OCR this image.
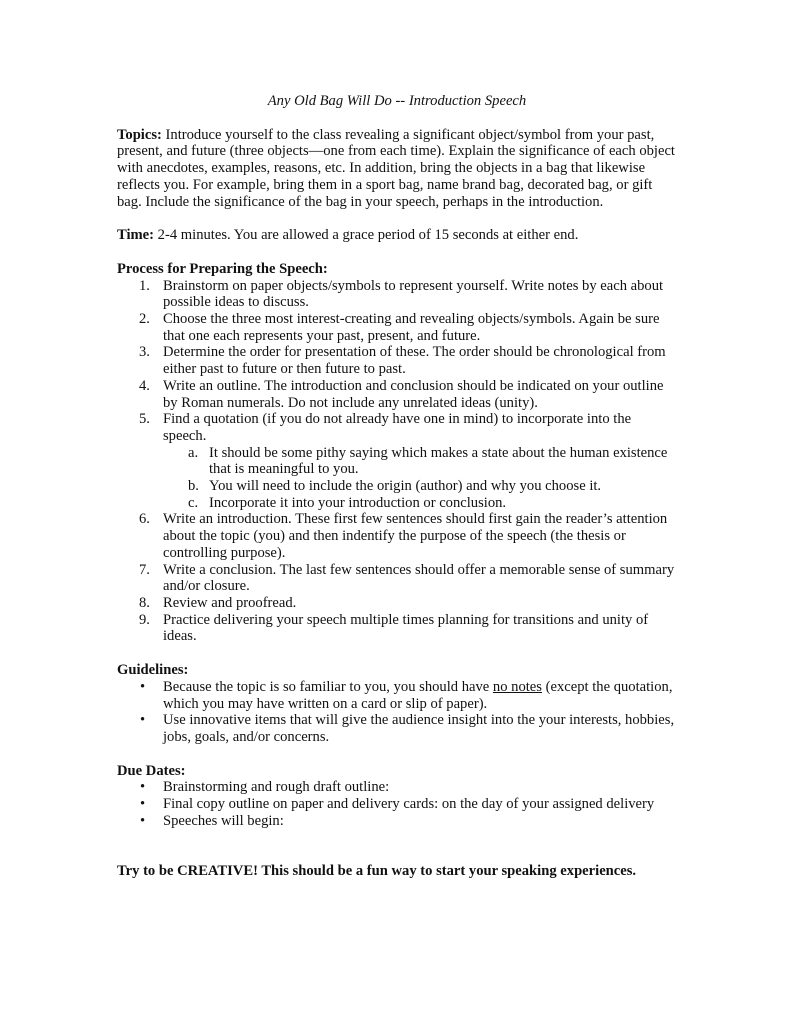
Any Old Bag Will Do -- Introduction Speech

Topics: Introduce yourself to the class revealing a significant object/symbol from your past, present, and future (three objects—one from each time). Explain the significance of each object with anecdotes, examples, reasons, etc. In addition, bring the objects in a bag that likewise reflects you. For example, bring them in a sport bag, name brand bag, decorated bag, or gift bag. Include the significance of the bag in your speech, perhaps in the introduction.

Time: 2-4 minutes. You are allowed a grace period of 15 seconds at either end.

Process for Preparing the Speech:

1. Brainstorm on paper objects/symbols to represent yourself. Write notes by each about possible ideas to discuss.
2. Choose the three most interest-creating and revealing objects/symbols. Again be sure that one each represents your past, present, and future.
3. Determine the order for presentation of these. The order should be chronological from either past to future or then future to past.
4. Write an outline. The introduction and conclusion should be indicated on your outline by Roman numerals. Do not include any unrelated ideas (unity).
5. Find a quotation (if you do not already have one in mind) to incorporate into the speech.
a. It should be some pithy saying which makes a state about the human existence that is meaningful to you.
b. You will need to include the origin (author) and why you choose it.
c. Incorporate it into your introduction or conclusion.
6. Write an introduction. These first few sentences should first gain the reader’s attention about the topic (you) and then indentify the purpose of the speech (the thesis or controlling purpose).
7. Write a conclusion. The last few sentences should offer a memorable sense of summary and/or closure.
8. Review and proofread.
9. Practice delivering your speech multiple times planning for transitions and unity of ideas.

Guidelines:

• Because the topic is so familiar to you, you should have no notes (except the quotation, which you may have written on a card or slip of paper).
• Use innovative items that will give the audience insight into the your interests, hobbies, jobs, goals, and/or concerns.

Due Dates:

• Brainstorming and rough draft outline:
• Final copy outline on paper and delivery cards: on the day of your assigned delivery
• Speeches will begin:

Try to be CREATIVE! This should be a fun way to start your speaking experiences.
